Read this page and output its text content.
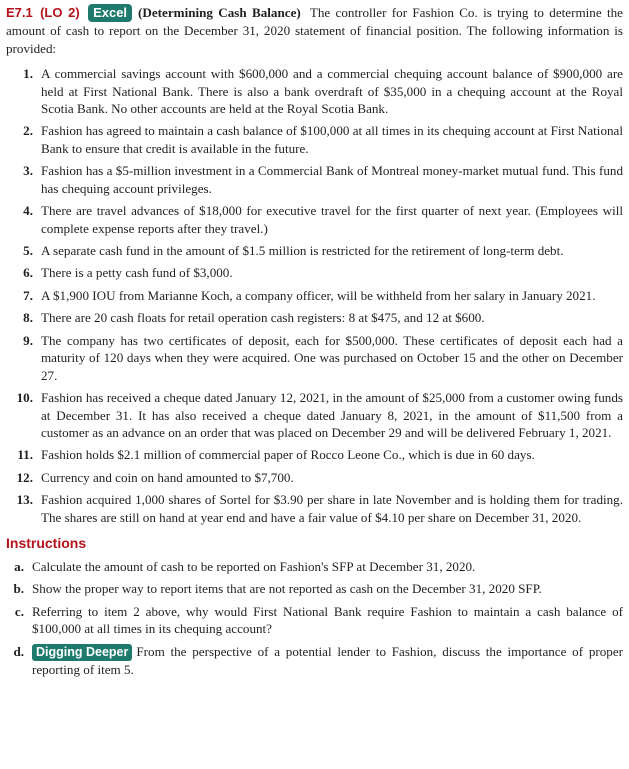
E7.1 (LO 2) Excel (Determining Cash Balance) The controller for Fashion Co. is trying to determine the amount of cash to report on the December 31, 2020 statement of financial position. The following information is provided:
1. A commercial savings account with $600,000 and a commercial chequing account balance of $900,000 are held at First National Bank. There is also a bank overdraft of $35,000 in a chequing account at the Royal Scotia Bank. No other accounts are held at the Royal Scotia Bank.
2. Fashion has agreed to maintain a cash balance of $100,000 at all times in its chequing account at First National Bank to ensure that credit is available in the future.
3. Fashion has a $5-million investment in a Commercial Bank of Montreal money-market mutual fund. This fund has chequing account privileges.
4. There are travel advances of $18,000 for executive travel for the first quarter of next year. (Employees will complete expense reports after they travel.)
5. A separate cash fund in the amount of $1.5 million is restricted for the retirement of long-term debt.
6. There is a petty cash fund of $3,000.
7. A $1,900 IOU from Marianne Koch, a company officer, will be withheld from her salary in January 2021.
8. There are 20 cash floats for retail operation cash registers: 8 at $475, and 12 at $600.
9. The company has two certificates of deposit, each for $500,000. These certificates of deposit each had a maturity of 120 days when they were acquired. One was purchased on October 15 and the other on December 27.
10. Fashion has received a cheque dated January 12, 2021, in the amount of $25,000 from a customer owing funds at December 31. It has also received a cheque dated January 8, 2021, in the amount of $11,500 from a customer as an advance on an order that was placed on December 29 and will be delivered February 1, 2021.
11. Fashion holds $2.1 million of commercial paper of Rocco Leone Co., which is due in 60 days.
12. Currency and coin on hand amounted to $7,700.
13. Fashion acquired 1,000 shares of Sortel for $3.90 per share in late November and is holding them for trading. The shares are still on hand at year end and have a fair value of $4.10 per share on December 31, 2020.
Instructions
a. Calculate the amount of cash to be reported on Fashion's SFP at December 31, 2020.
b. Show the proper way to report items that are not reported as cash on the December 31, 2020 SFP.
c. Referring to item 2 above, why would First National Bank require Fashion to maintain a cash balance of $100,000 at all times in its chequing account?
d. Digging Deeper From the perspective of a potential lender to Fashion, discuss the importance of proper reporting of item 5.
